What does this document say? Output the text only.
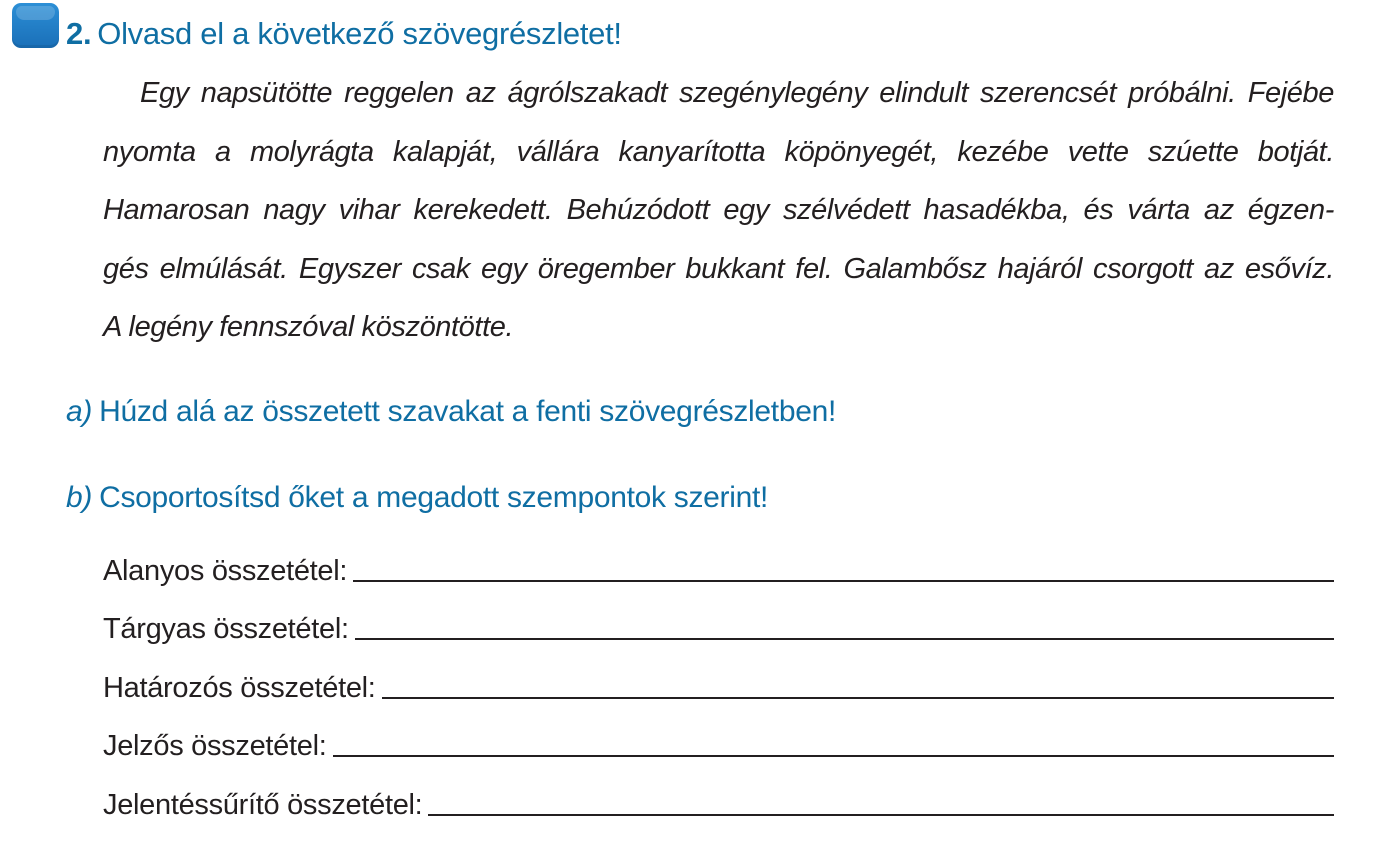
2. Olvasd el a következő szövegrészletet!
Egy napsütötte reggelen az ágrólszakadt szegénylegény elindult szerencsét próbálni. Fejébe
nyomta a molyrágta kalapját, vállára kanyarította köpönyegét, kezébe vette szúette botját.
Hamarosan nagy vihar kerekedett. Behúzódott egy szélvédett hasadékba, és várta az égzen-
gés elmúlását. Egyszer csak egy öregember bukkant fel. Galambősz hajáról csorgott az esővíz.
A legény fennszóval köszöntötte.
a) Húzd alá az összetett szavakat a fenti szövegrészletben!
b) Csoportosítsd őket a megadott szempontok szerint!
Alanyos összetétel:
Tárgyas összetétel:
Határozós összetétel:
Jelzős összetétel:
Jelentéssűrítő összetétel:
